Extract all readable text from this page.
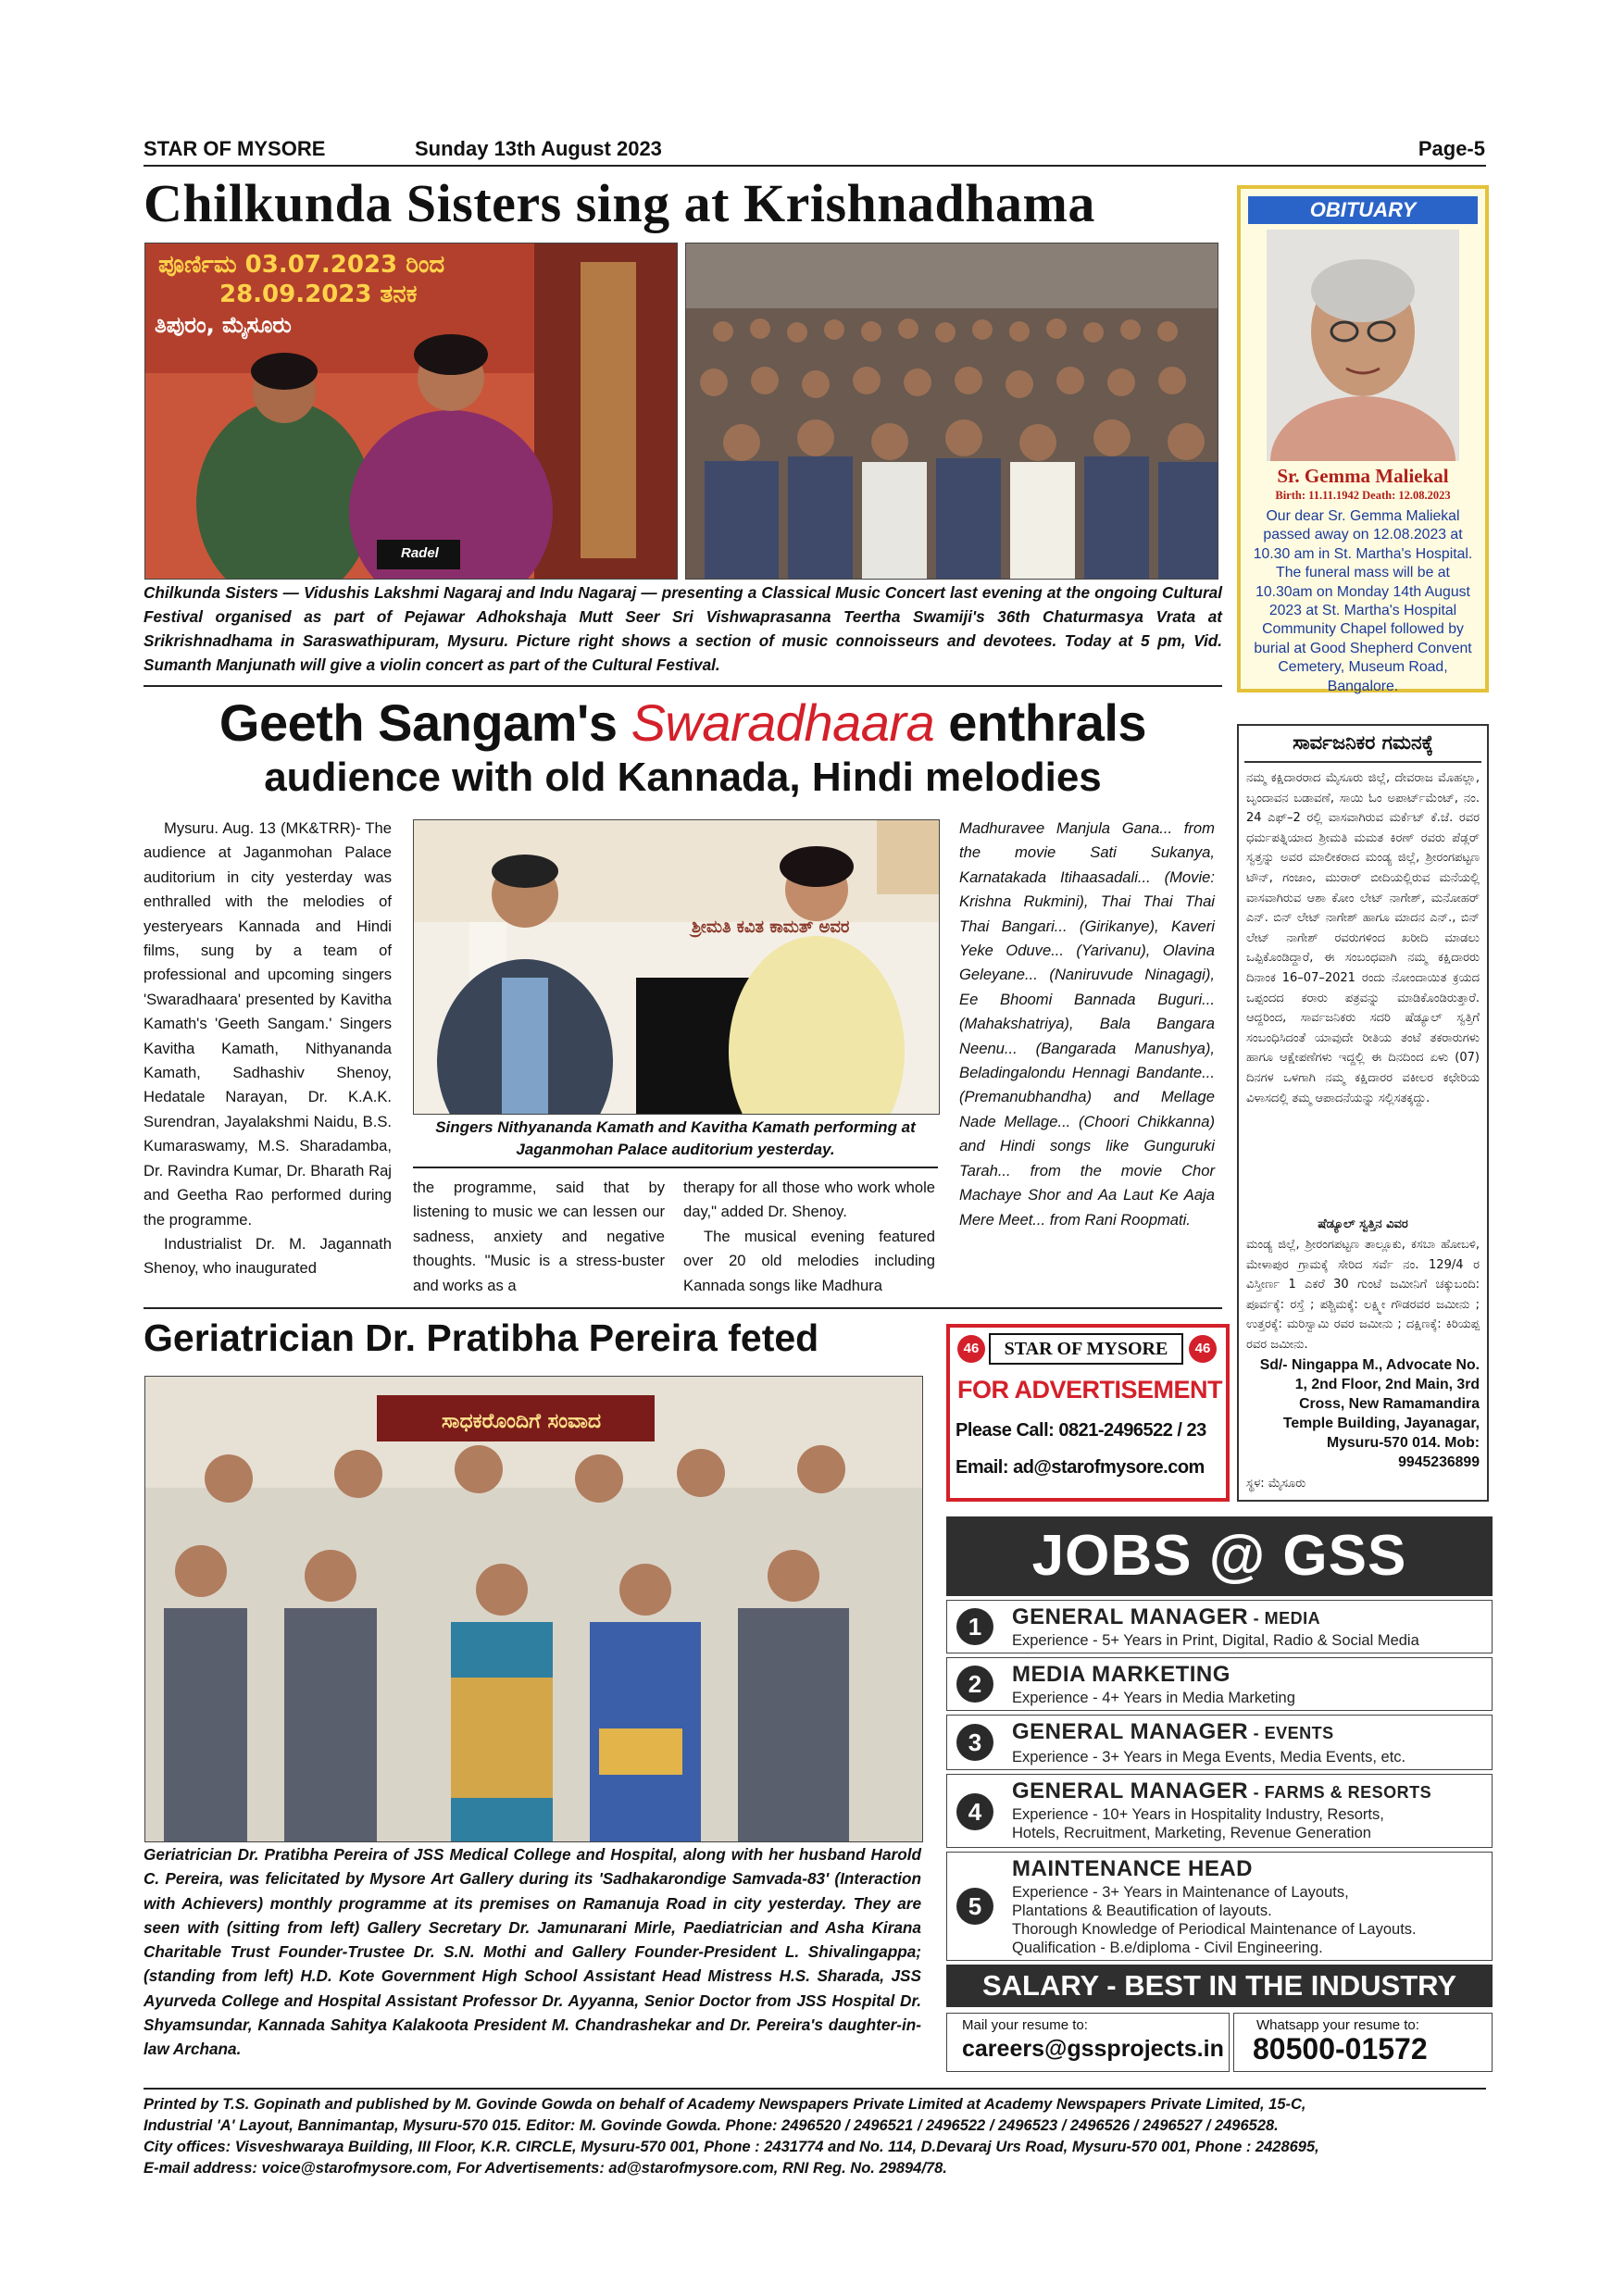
STAR OF MYSORE	Sunday 13th August 2023	Page-5
Chilkunda Sisters sing at Krishnadhama
ಪೂರ್ಣಿಮ 03.07.2023 ರಿಂದ
28.09.2023 ತನಕ
ತಿಪುರಂ, ಮೈಸೂರು
Radel
Chilkunda Sisters — Vidushis Lakshmi Nagaraj and Indu Nagaraj — presenting a Classical Music Concert last evening at the ongoing Cultural Festival organised as part of Pejawar Adhokshaja Mutt Seer Sri Vishwaprasanna Teertha Swamiji's 36th Chaturmasya Vrata at Srikrishnadhama in Saraswathipuram, Mysuru. Picture right shows a section of music connoisseurs and devotees. Today at 5 pm, Vid. Sumanth Manjunath will give a violin concert as part of the Cultural Festival.
OBITUARY
Sr. Gemma Maliekal
Birth: 11.11.1942 Death: 12.08.2023
Our dear Sr. Gemma Maliekal passed away on 12.08.2023 at 10.30 am in St. Martha's Hospital. The funeral mass will be at 10.30am on Monday 14th August 2023 at St. Martha's Hospital Community Chapel followed by burial at Good Shepherd Convent Cemetery, Museum Road, Bangalore.
Geeth Sangam's Swaradhaara enthrals
audience with old Kannada, Hindi melodies

Mysuru. Aug. 13 (MK&TRR)- The audience at Jaganmohan Palace auditorium in city yesterday was enthralled with the melodies of yesteryears Kannada and Hindi films, sung by a team of professional and upcoming singers 'Swaradhaara' presented by Kavitha Kamath's 'Geeth Sangam.' Singers Kavitha Kamath, Nithyananda Kamath, Sadhashiv Shenoy, Hedatale Narayan, Dr. K.A.K. Surendran, Jayalakshmi Naidu, B.S. Kumaraswamy, M.S. Sharadamba, Dr. Ravindra Kumar, Dr. Bharath Raj and Geetha Rao performed during the programme.

Industrialist Dr. M. Jagannath Shenoy, who inaugurated

ಶ್ರೀಮತಿ ಕವಿತ ಕಾಮತ್ ಅವರ
Singers Nithyananda Kamath and Kavitha Kamath performing at Jaganmohan Palace auditorium yesterday.

the programme, said that by listening to music we can lessen our sadness, anxiety and negative thoughts. "Music is a stress-buster and works as a

therapy for all those who work whole day," added Dr. Shenoy.

The musical evening featured over 20 old melodies including Kannada songs like Madhura

Madhuravee Manjula Gana... from the movie Sati Sukanya, Karnatakada Itihaasadali... (Movie: Krishna Rukmini), Thai Thai Thai Thai Bangari... (Girikanye), Kaveri Yeke Oduve... (Yarivanu), Olavina Geleyane... (Naniruvude Ninagagi), Ee Bhoomi Bannada Buguri... (Mahakshatriya), Bala Bangara Neenu... (Bangarada Manushya), Beladingalondu Hennagi Bandante... (Premanubhandha) and Mellage Nade Mellage... (Choori Chikkanna) and Hindi songs like Gunguruki Tarah... from the movie Chor Machaye Shor and Aa Laut Ke Aaja Mere Meet... from Rani Roopmati.

ಸಾರ್ವಜನಿಕರ ಗಮನಕ್ಕೆ
ನಮ್ಮ ಕಕ್ಷಿದಾರರಾದ ಮೈಸೂರು ಜಿಲ್ಲೆ, ದೇವರಾಜ ಮೊಹಲ್ಲಾ, ಬೃಂದಾವನ ಬಡಾವಣೆ, ಸಾಯಿ ಓಂ ಅಪಾರ್ಟ್‌ಮೆಂಟ್, ನಂ. 24 ಎಫ್–2 ರಲ್ಲಿ ವಾಸವಾಗಿರುವ ಮರ್ಕೆಟ್ ಕೆ.ಜೆ. ರವರ ಧರ್ಮಪತ್ನಿಯಾದ ಶ್ರೀಮತಿ ಮಮತ ಕಿರಣ್ ರವರು ಪೆಡ್ಲರ್ ಸ್ವತ್ತನ್ನು ಅವರ ಮಾಲೀಕರಾದ ಮಂಡ್ಯ ಜಿಲ್ಲೆ, ಶ್ರೀರಂಗಪಟ್ಟಣ ಟೌನ್, ಗಂಜಾಂ, ಮುರಾರ್ ಬೀದಿಯಲ್ಲಿರುವ ಮನೆಯಲ್ಲಿ ವಾಸವಾಗಿರುವ ಆಶಾ ಕೋಂ ಲೇಟ್ ನಾಗೇಶ್, ಮನೋಹರ್ ಎನ್. ಬಿನ್ ಲೇಟ್ ನಾಗೇಶ್ ಹಾಗೂ ಮಾದನ ಎನ್., ಬಿನ್ ಲೇಟ್ ನಾಗೇಶ್ ರವರುಗಳಿಂದ ಖರೀದಿ ಮಾಡಲು ಒಪ್ಪಿಕೊಂಡಿದ್ದಾರೆ, ಈ ಸಂಬಂಧವಾಗಿ ನಮ್ಮ ಕಕ್ಷಿದಾರರು ದಿನಾಂಕ 16–07–2021 ರಂದು ನೋಂದಾಯಿತ ಕ್ರಯದ ಒಪ್ಪಂದದ ಕರಾರು ಪತ್ರವನ್ನು ಮಾಡಿಕೊಂಡಿರುತ್ತಾರೆ. ಆದ್ದರಿಂದ, ಸಾರ್ವಜನಿಕರು ಸದರಿ ಷೆಡ್ಯೂಲ್ ಸ್ವತ್ತಿಗೆ ಸಂಬಂಧಿಸಿದಂತೆ ಯಾವುದೇ ರೀತಿಯ ತಂಟೆ ತಕರಾರುಗಳು ಹಾಗೂ ಆಕ್ಷೇಪಣೆಗಳು ಇದ್ದಲ್ಲಿ ಈ ದಿನದಿಂದ ಏಳು (07) ದಿನಗಳ ಒಳಗಾಗಿ ನಮ್ಮ ಕಕ್ಷಿದಾರರ ವಕೀಲರ ಕಛೇರಿಯ ವಿಳಾಸದಲ್ಲಿ ತಮ್ಮ ಆಪಾದನೆಯನ್ನು ಸಲ್ಲಿಸತಕ್ಕದ್ದು.
ಷೆಡ್ಯೂಲ್ ಸ್ವತ್ತಿನ ವಿವರ
ಮಂಡ್ಯ ಜಿಲ್ಲೆ, ಶ್ರೀರಂಗಪಟ್ಟಣ ತಾಲ್ಲೂಕು, ಕಸಬಾ ಹೋಬಳಿ, ಮೇಳಾಪುರ ಗ್ರಾಮಕ್ಕೆ ಸೇರಿದ ಸರ್ವೆ ನಂ. 129/4 ರ ವಿಸ್ತೀರ್ಣ 1 ಎಕರೆ 30 ಗುಂಟೆ ಜಮೀನಿಗೆ ಚಕ್ಕುಬಂದಿ: ಪೂರ್ವಕ್ಕೆ: ರಸ್ತೆ ; ಪಶ್ಚಿಮಕ್ಕೆ: ಲಕ್ಷ್ಮೀ ಗೌಡರವರ ಜಮೀನು ; ಉತ್ತರಕ್ಕೆ: ಮರಿಸ್ವಾಮಿ ರವರ ಜಮೀನು ; ದಕ್ಷಿಣಕ್ಕೆ: ಕಿರಿಯಪ್ಪ ರವರ ಜಮೀನು.
Sd/- Ningappa M., Advocate No. 1, 2nd Floor, 2nd Main, 3rd Cross, New Ramamandira Temple Building, Jayanagar, Mysuru-570 014. Mob: 9945236899
ಸ್ಥಳ: ಮೈಸೂರು
Geriatrician Dr. Pratibha Pereira feted
ಸಾಧಕರೊಂದಿಗೆ ಸಂವಾದ
Geriatrician Dr. Pratibha Pereira of JSS Medical College and Hospital, along with her husband Harold C. Pereira, was felicitated by Mysore Art Gallery during its 'Sadhakarondige Samvada-83' (Interaction with Achievers) monthly programme at its premises on Ramanuja Road in city yesterday. They are seen with (sitting from left) Gallery Secretary Dr. Jamunarani Mirle, Paediatrician and Asha Kirana Charitable Trust Founder-Trustee Dr. S.N. Mothi and Gallery Founder-President L. Shivalingappa; (standing from left) H.D. Kote Government High School Assistant Head Mistress H.S. Sharada, JSS Ayurveda College and Hospital Assistant Professor Dr. Ayyanna, Senior Doctor from JSS Hospital Dr. Shyamsundar, Kannada Sahitya Kalakoota President M. Chandrashekar and Dr. Pereira's daughter-in-law Archana.
46	STAR OF MYSORE	46
FOR ADVERTISEMENT
Please Call: 0821-2496522 / 23
Email: ad@starofmysore.com
JOBS @ GSS
1	GENERAL MANAGER - MEDIA
Experience - 5+ Years in Print, Digital, Radio & Social Media
2	MEDIA MARKETING
Experience - 4+ Years in Media Marketing
3	GENERAL MANAGER - EVENTS
Experience - 3+ Years in Mega Events, Media Events, etc.
4
GENERAL MANAGER - FARMS & RESORTS
Experience - 10+ Years in Hospitality Industry, Resorts,
Hotels, Recruitment, Marketing, Revenue Generation
5
MAINTENANCE HEAD
Experience - 3+ Years in Maintenance of Layouts,
Plantations & Beautification of layouts.
Thorough Knowledge of Periodical Maintenance of Layouts.
Qualification - B.e/diploma - Civil Engineering.
SALARY - BEST IN THE INDUSTRY
Mail your resume to:
careers@gssprojects.in
Whatsapp your resume to:
80500-01572
Printed by T.S. Gopinath and published by M. Govinde Gowda on behalf of Academy Newspapers Private Limited at Academy Newspapers Private Limited, 15-C,
Industrial 'A' Layout, Bannimantap, Mysuru-570 015. Editor: M. Govinde Gowda. Phone: 2496520 / 2496521 / 2496522 / 2496523 / 2496526 / 2496527 / 2496528.
City offices: Visveshwaraya Building, III Floor, K.R. CIRCLE, Mysuru-570 001, Phone : 2431774 and No. 114, D.Devaraj Urs Road, Mysuru-570 001, Phone : 2428695,
E-mail address: voice@starofmysore.com, For Advertisements: ad@starofmysore.com, RNI Reg. No. 29894/78.
